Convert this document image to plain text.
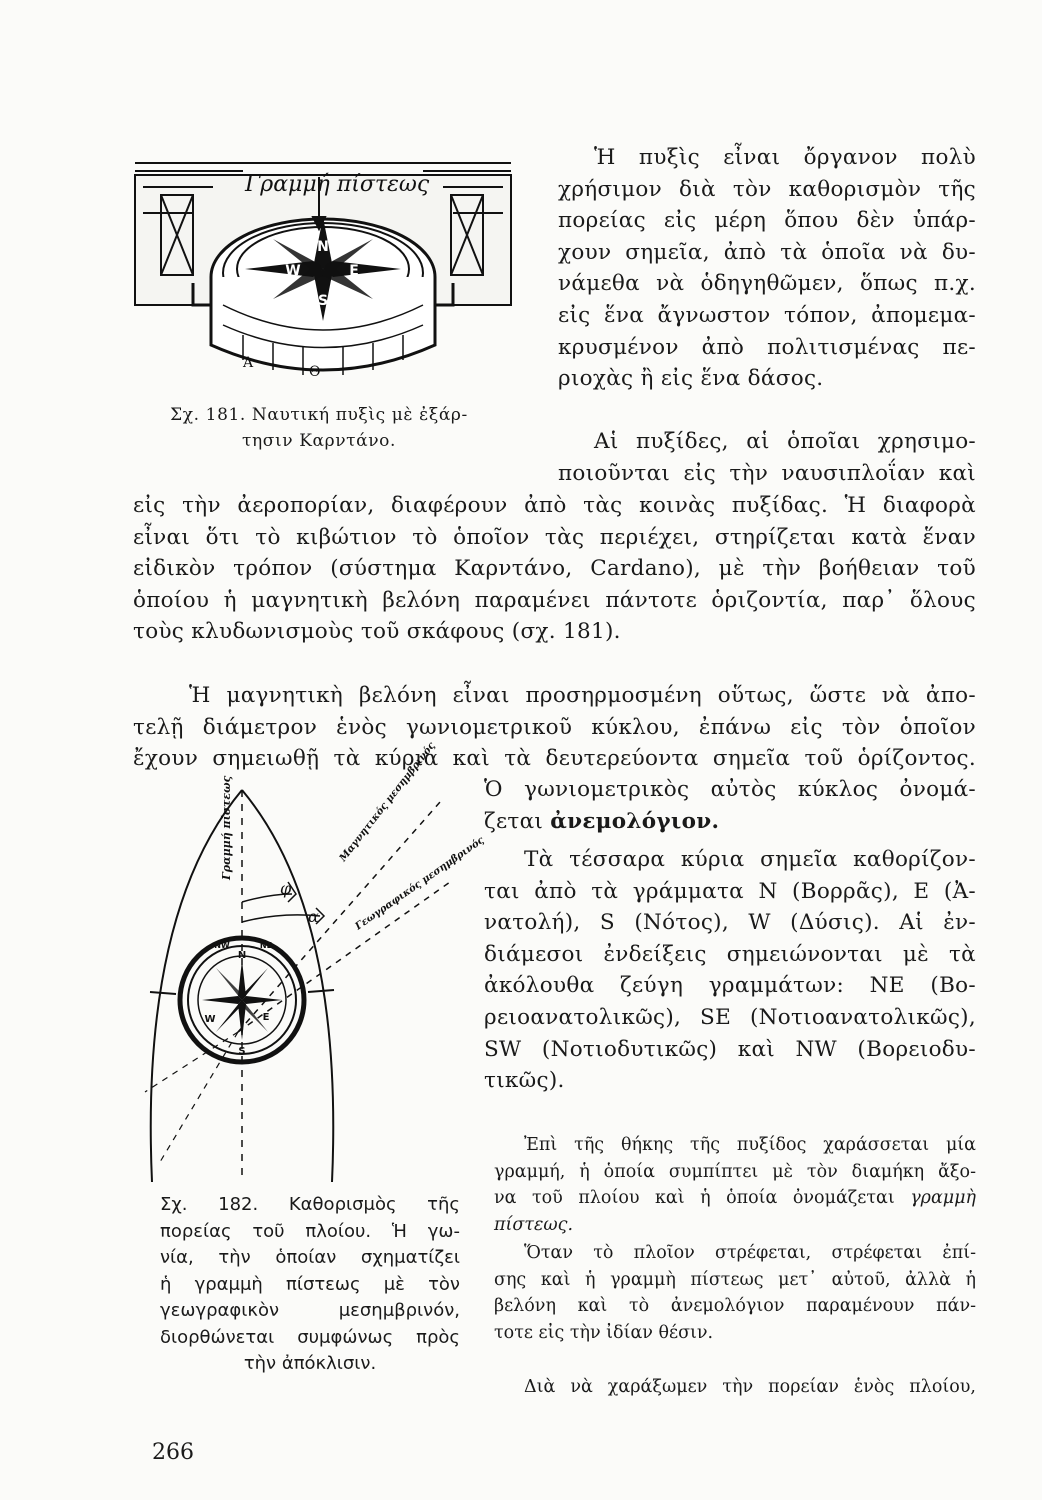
N
S
W	E
Γραμμή πίστεως
A
Θ
Σχ. 181. Ναυτική πυξὶς μὲ ἐξάρ-
τησιν Καρντάνο.
Ἡ πυξὶς εἶναι ὄργανον πολὺ
χρήσιμον διὰ τὸν καθορισμὸν τῆς
πορείας εἰς μέρη ὅπου δὲν ὑπάρ-
χουν σημεῖα, ἀπὸ τὰ ὁποῖα νὰ δυ-
νάμεθα νὰ ὁδηγηθῶμεν, ὅπως π.χ.
εἰς ἕνα ἄγνωστον τόπον, ἀπομεμα-
κρυσμένον ἀπὸ πολιτισμένας πε-
ριοχὰς ἢ εἰς ἕνα δάσος.
Αἱ πυξίδες, αἱ ὁποῖαι χρησιμο-
ποιοῦνται εἰς τὴν ναυσιπλοΐαν καὶ
εἰς τὴν ἀεροπορίαν, διαφέρουν ἀπὸ τὰς κοινὰς πυξίδας. Ἡ διαφορὰ
εἶναι ὅτι τὸ κιβώτιον τὸ ὁποῖον τὰς περιέχει, στηρίζεται κατὰ ἕναν
εἰδικὸν τρόπον (σύστημα Καρντάνο, Cardano), μὲ τὴν βοήθειαν τοῦ
ὁποίου ἡ μαγνητικὴ βελόνη παραμένει πάντοτε ὁριζοντία, παρ᾽ ὅλους
τοὺς κλυδωνισμοὺς τοῦ σκάφους (σχ. 181).
Ἡ μαγνητικὴ βελόνη εἶναι προσηρμοσμένη οὕτως, ὥστε νὰ ἀπο-
τελῇ διάμετρον ἑνὸς γωνιομετρικοῦ κύκλου, ἐπάνω εἰς τὸν ὁποῖον
ἔχουν σημειωθῇ τὰ κύρια καὶ τὰ δευτερεύοντα σημεῖα τοῦ ὁρίζοντος.
Ὁ γωνιομετρικὸς αὐτὸς κύκλος ὀνομά-
ζεται ἀνεμολόγιον.
Τὰ τέσσαρα κύρια σημεῖα καθορίζον-
ται ἀπὸ τὰ γράμματα N (Βορρᾶς), E (Ἀ-
νατολή), S (Νότος), W (Δύσις). Αἱ ἐν-
διάμεσοι ἐνδείξεις σημειώνονται μὲ τὰ
ἀκόλουθα ζεύγη γραμμάτων: NE (Βο-
ρειοανατολικῶς), SE (Νοτιοανατολικῶς),
SW (Νοτιοδυτικῶς) καὶ NW (Βορειοδυ-
τικῶς).
N
S
W	E
NW	NE
φ
α
Γραμμή πίστεως	Μαγνητικός μεσημβρινός
Γεωγραφικός μεσημβρινός
Σχ. 182. Καθορισμὸς τῆς
πορείας τοῦ πλοίου. Ἡ γω-
νία, τὴν ὁποίαν σχηματίζει
ἡ γραμμὴ πίστεως μὲ τὸν
γεωγραφικὸν μεσημβρινόν,
διορθώνεται συμφώνως πρὸς
τὴν ἀπόκλισιν.
Ἐπὶ τῆς θήκης τῆς πυξίδος χαράσσεται μία
γραμμή, ἡ ὁποία συμπίπτει μὲ τὸν διαμήκη ἄξο-
να τοῦ πλοίου καὶ ἡ ὁποία ὀνομάζεται γραμμὴ
πίστεως.
Ὅταν τὸ πλοῖον στρέφεται, στρέφεται ἐπί-
σης καὶ ἡ γραμμὴ πίστεως μετ᾽ αὐτοῦ, ἀλλὰ ἡ
βελόνη καὶ τὸ ἀνεμολόγιον παραμένουν πάν-
τοτε εἰς τὴν ἰδίαν θέσιν.
Διὰ νὰ χαράξωμεν τὴν πορείαν ἑνὸς πλοίου,
266
